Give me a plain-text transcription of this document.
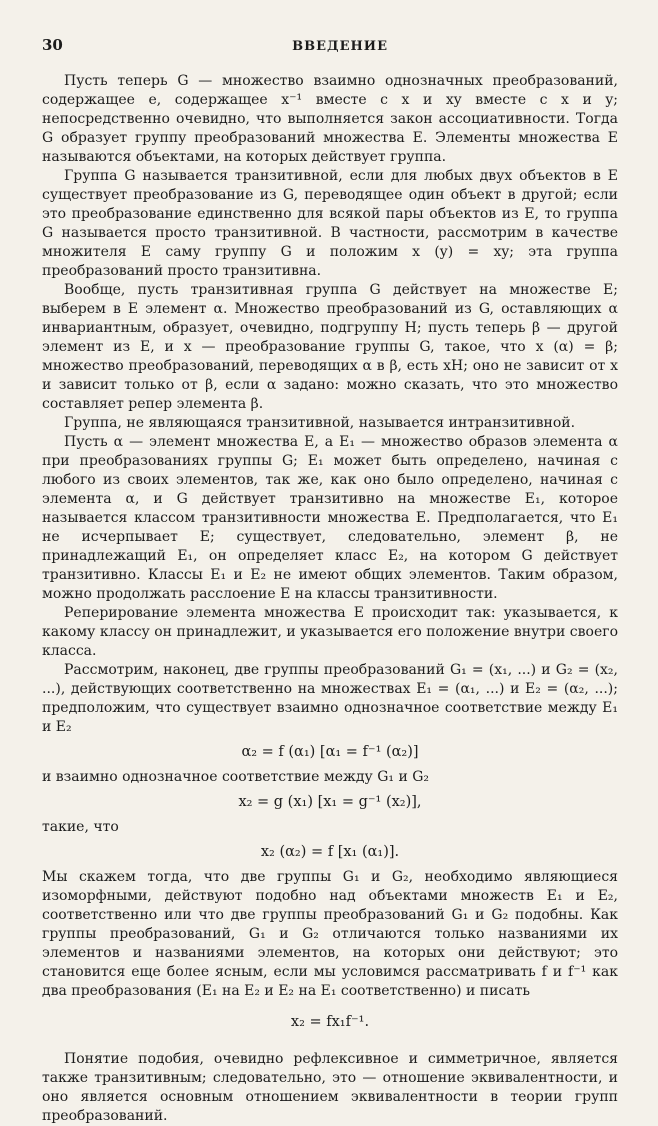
30	ВВЕДЕНИЕ

Пусть теперь G — множество взаимно однозначных преобразований, содержащее e, содержащее x⁻¹ вместе с x и xy вместе с x и y; непосредственно очевидно, что выполняется закон ассоциативности. Тогда G образует группу преобразований множества E. Элементы множества E называются объектами, на которых действует группа.

Группа G называется транзитивной, если для любых двух объектов в E существует преобразование из G, переводящее один объект в другой; если это преобразование единственно для всякой пары объектов из E, то группа G называется просто транзитивной. В частности, рассмотрим в качестве множителя E саму группу G и положим x (y) = xy; эта группа преобразований просто транзитивна.

Вообще, пусть транзитивная группа G действует на множестве E; выберем в E элемент α. Множество преобразований из G, оставляющих α инвариантным, образует, очевидно, подгруппу H; пусть теперь β — другой элемент из E, и x — преобразование группы G, такое, что x (α) = β; множество преобразований, переводящих α в β, есть xH; оно не зависит от x и зависит только от β, если α задано: можно сказать, что это множество составляет репер элемента β.

Группа, не являющаяся транзитивной, называется интранзитивной.

Пусть α — элемент множества E, а E₁ — множество образов элемента α при преобразованиях группы G; E₁ может быть определено, начиная с любого из своих элементов, так же, как оно было определено, начиная с элемента α, и G действует транзитивно на множестве E₁, которое называется классом транзитивности множества E. Предполагается, что E₁ не исчерпывает E; существует, следовательно, элемент β, не принадлежащий E₁, он определяет класс E₂, на котором G действует транзитивно. Классы E₁ и E₂ не имеют общих элементов. Таким образом, можно продолжать расслоение E на классы транзитивности.

Реперирование элемента множества E происходит так: указывается, к какому классу он принадлежит, и указывается его положение внутри своего класса.

Рассмотрим, наконец, две группы преобразований G₁ = (x₁, ...) и G₂ = (x₂, ...), действующих соответственно на множествах E₁ = (α₁, ...) и E₂ = (α₂, ...); предположим, что существует взаимно однозначное соответствие между E₁ и E₂

α₂ = f (α₁) [α₁ = f⁻¹ (α₂)]

и взаимно однозначное соответствие между G₁ и G₂

x₂ = g (x₁) [x₁ = g⁻¹ (x₂)],

такие, что

x₂ (α₂) = f [x₁ (α₁)].

Мы скажем тогда, что две группы G₁ и G₂, необходимо являющиеся изоморфными, действуют подобно над объектами множеств E₁ и E₂, соответственно или что две группы преобразований G₁ и G₂ подобны. Как группы преобразований, G₁ и G₂ отличаются только названиями их элементов и названиями элементов, на которых они действуют; это становится еще более ясным, если мы условимся рассматривать f и f⁻¹ как два преобразования (E₁ на E₂ и E₂ на E₁ соответственно) и писать

x₂ = fx₁f⁻¹.

Понятие подобия, очевидно рефлексивное и симметричное, является также транзитивным; следовательно, это — отношение эквивалентности, и оно является основным отношением эквивалентности в теории групп преобразований.
